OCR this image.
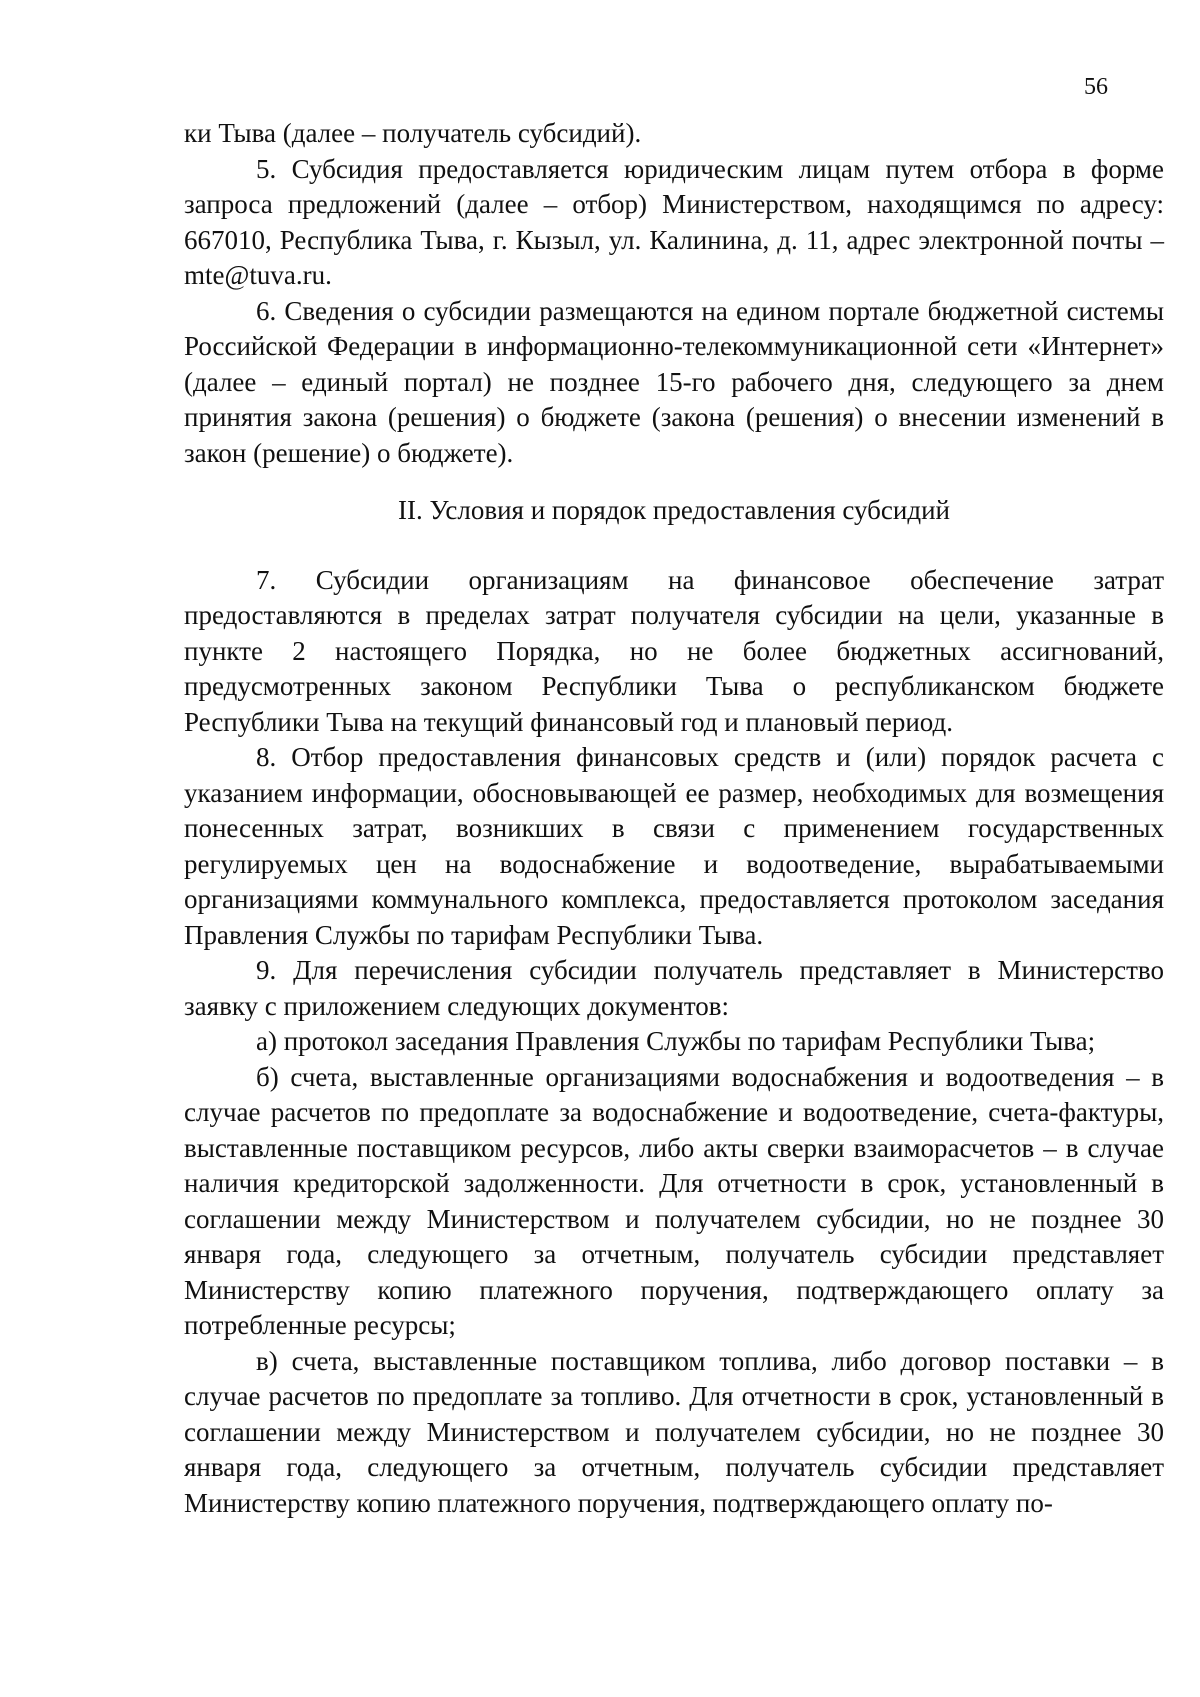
56

ки Тыва (далее – получатель субсидий).

5. Субсидия предоставляется юридическим лицам путем отбора в форме запроса предложений (далее – отбор) Министерством, находящимся по адресу: 667010, Республика Тыва, г. Кызыл, ул. Калинина, д. 11, адрес электронной почты – mte@tuva.ru.

6. Сведения о субсидии размещаются на едином портале бюджетной системы Российской Федерации в информационно-телекоммуникационной сети «Интернет» (далее – единый портал) не позднее 15-го рабочего дня, следующего за днем принятия закона (решения) о бюджете (закона (решения) о внесении изменений в закон (решение) о бюджете).

II. Условия и порядок предоставления субсидий

7. Субсидии организациям на финансовое обеспечение затрат предоставляются в пределах затрат получателя субсидии на цели, указанные в пункте 2 настоящего Порядка, но не более бюджетных ассигнований, предусмотренных законом Республики Тыва о республиканском бюджете Республики Тыва на текущий финансовый год и плановый период.

8. Отбор предоставления финансовых средств и (или) порядок расчета с указанием информации, обосновывающей ее размер, необходимых для возмещения понесенных затрат, возникших в связи с применением государственных регулируемых цен на водоснабжение и водоотведение, вырабатываемыми организациями коммунального комплекса, предоставляется протоколом заседания Правления Службы по тарифам Республики Тыва.

9. Для перечисления субсидии получатель представляет в Министерство заявку с приложением следующих документов:

а) протокол заседания Правления Службы по тарифам Республики Тыва;

б) счета, выставленные организациями водоснабжения и водоотведения – в случае расчетов по предоплате за водоснабжение и водоотведение, счета-фактуры, выставленные поставщиком ресурсов, либо акты сверки взаиморасчетов – в случае наличия кредиторской задолженности. Для отчетности в срок, установленный в соглашении между Министерством и получателем субсидии, но не позднее 30 января года, следующего за отчетным, получатель субсидии представляет Министерству копию платежного поручения, подтверждающего оплату за потребленные ресурсы;

в) счета, выставленные поставщиком топлива, либо договор поставки – в случае расчетов по предоплате за топливо. Для отчетности в срок, установленный в соглашении между Министерством и получателем субсидии, но не позднее 30 января года, следующего за отчетным, получатель субсидии представляет Министерству копию платежного поручения, подтверждающего оплату по-
